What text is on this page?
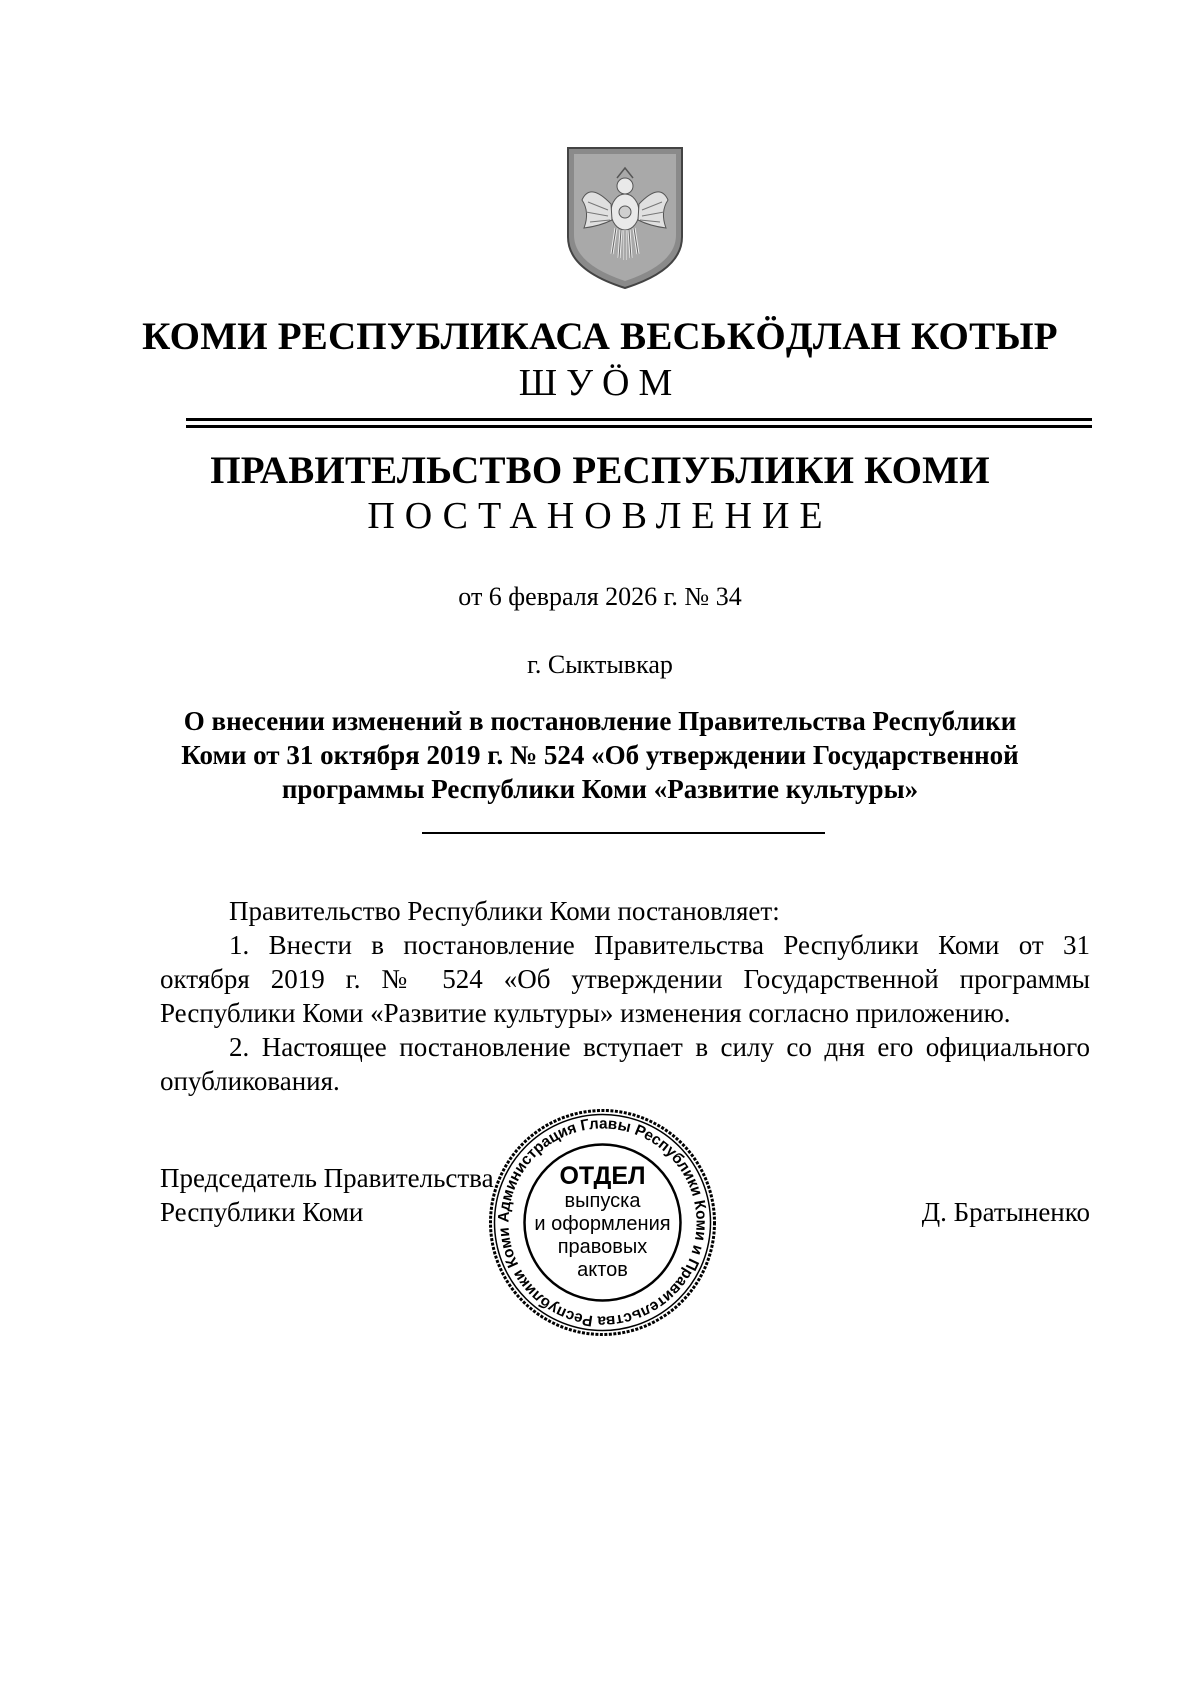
КОМИ РЕСПУБЛИКАСА ВЕСЬКӦДЛАН КОТЫР
ШУӦМ
ПРАВИТЕЛЬСТВО РЕСПУБЛИКИ КОМИ
ПОСТАНОВЛЕНИЕ
от 6 февраля 2026 г. № 34
г. Сыктывкар
О внесении изменений в постановление Правительства Республики
Коми от 31 октября 2019 г. № 524 «Об утверждении Государственной
программы Республики Коми «Развитие культуры»
Правительство Республики Коми постановляет:
1. Внести в постановление Правительства Республики Коми от 31
октября 2019 г. № 524 «Об утверждении Государственной программы
Республики Коми «Развитие культуры» изменения согласно приложению.
2. Настоящее постановление вступает в силу со дня его официального
опубликования.
Председатель Правительства
Республики Коми	Д. Братыненко
Администрация Главы Республики Коми и Правительства Республики Коми
ОТДЕЛ
выпуска
и оформления
правовых
актов
